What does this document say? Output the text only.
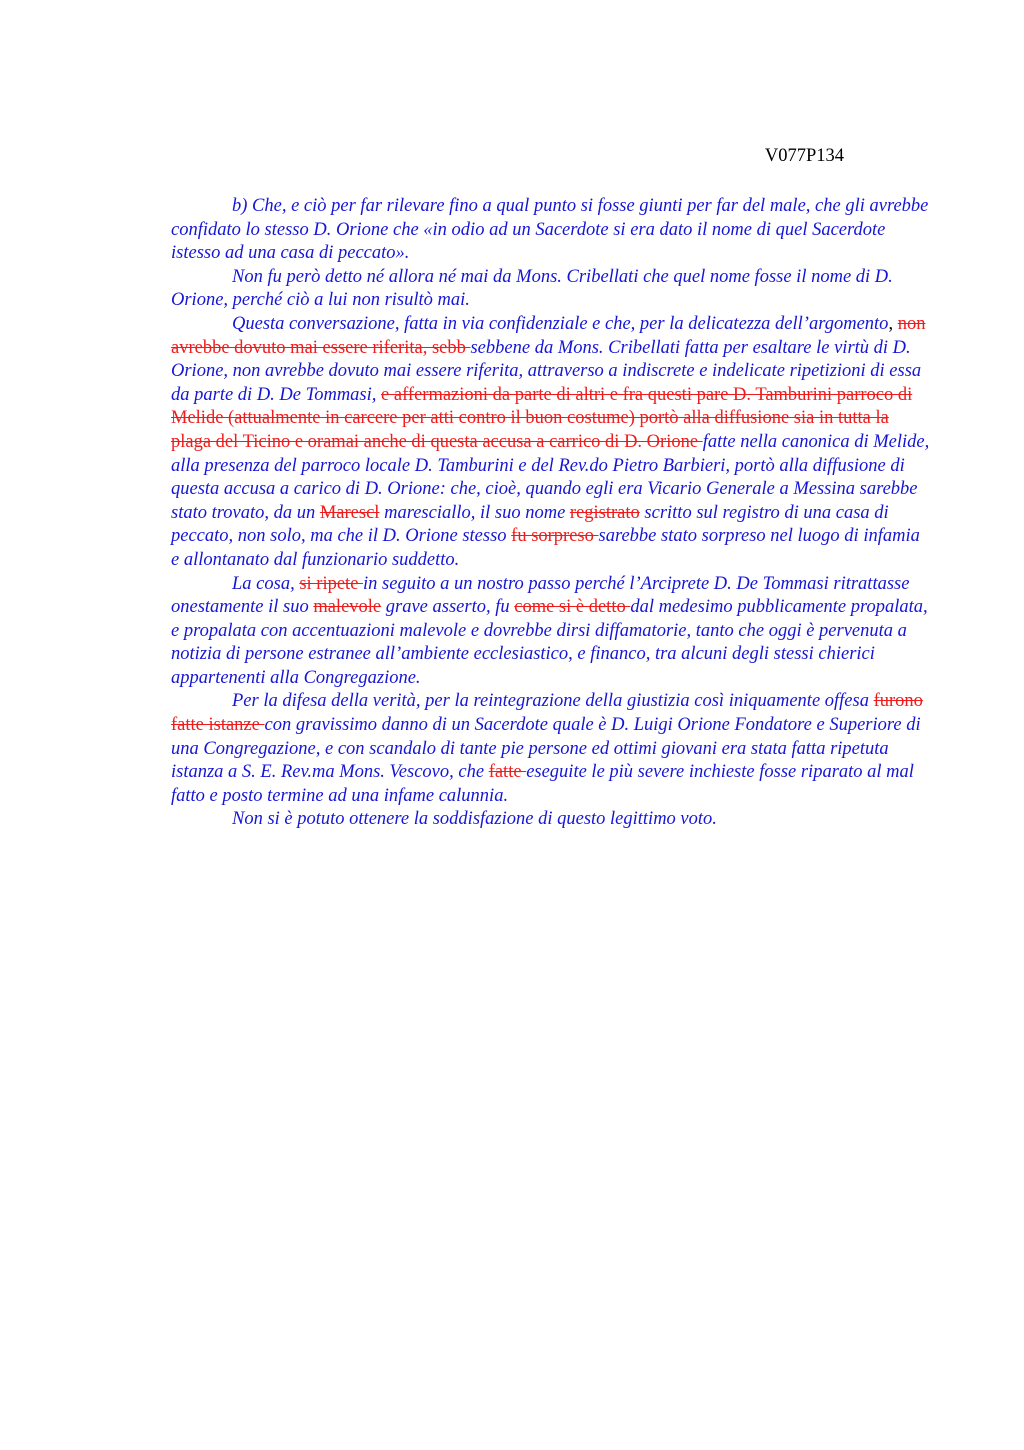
V077P134

b) Che, e ciò per far rilevare fino a qual punto si fosse giunti per far del male, che gli avrebbe confidato lo stesso D. Orione che «in odio ad un Sacerdote si era dato il nome di quel Sacerdote istesso ad una casa di peccato».

Non fu però detto né allora né mai da Mons. Cribellati che quel nome fosse il nome di D. Orione, perché ciò a lui non risultò mai.

Questa conversazione, fatta in via confidenziale e che, per la delicatezza dell’argomento, non avrebbe dovuto mai essere riferita, sebb sebbene da Mons. Cribellati fatta per esaltare le virtù di D. Orione, non avrebbe dovuto mai essere riferita, attraverso a indiscrete e indelicate ripetizioni di essa da parte di D. De Tommasi, e affermazioni da parte di altri e fra questi pare D. Tamburini parroco di Melide (attualmente in carcere per atti contro il buon costume) portò alla diffusione sia in tutta la plaga del Ticino e oramai anche di questa accusa a carrico di D. Orione fatte nella canonica di Melide, alla presenza del parroco locale D. Tamburini e del Rev.do Pietro Barbieri, portò alla diffusione di questa accusa a carico di D. Orione: che, cioè, quando egli era Vicario Generale a Messina sarebbe stato trovato, da un Marescl maresciallo, il suo nome registrato scritto sul registro di una casa di peccato, non solo, ma che il D. Orione stesso fu sorpreso sarebbe stato sorpreso nel luogo di infamia e allontanato dal funzionario suddetto.

La cosa, si ripete in seguito a un nostro passo perché l’Arciprete D. De Tommasi ritrattasse onestamente il suo malevole grave asserto, fu come si è detto dal medesimo pubblicamente propalata, e propalata con accentuazioni malevole e dovrebbe dirsi diffamatorie, tanto che oggi è pervenuta a notizia di persone estranee all’ambiente ecclesiastico, e financo, tra alcuni degli stessi chierici appartenenti alla Congregazione.

Per la difesa della verità, per la reintegrazione della giustizia così iniquamente offesa furono fatte istanze con gravissimo danno di un Sacerdote quale è D. Luigi Orione Fondatore e Superiore di una Congregazione, e con scandalo di tante pie persone ed ottimi giovani era stata fatta ripetuta istanza a S. E. Rev.ma Mons. Vescovo, che fatte eseguite le più severe inchieste fosse riparato al mal fatto e posto termine ad una infame calunnia.

Non si è potuto ottenere la soddisfazione di questo legittimo voto.
